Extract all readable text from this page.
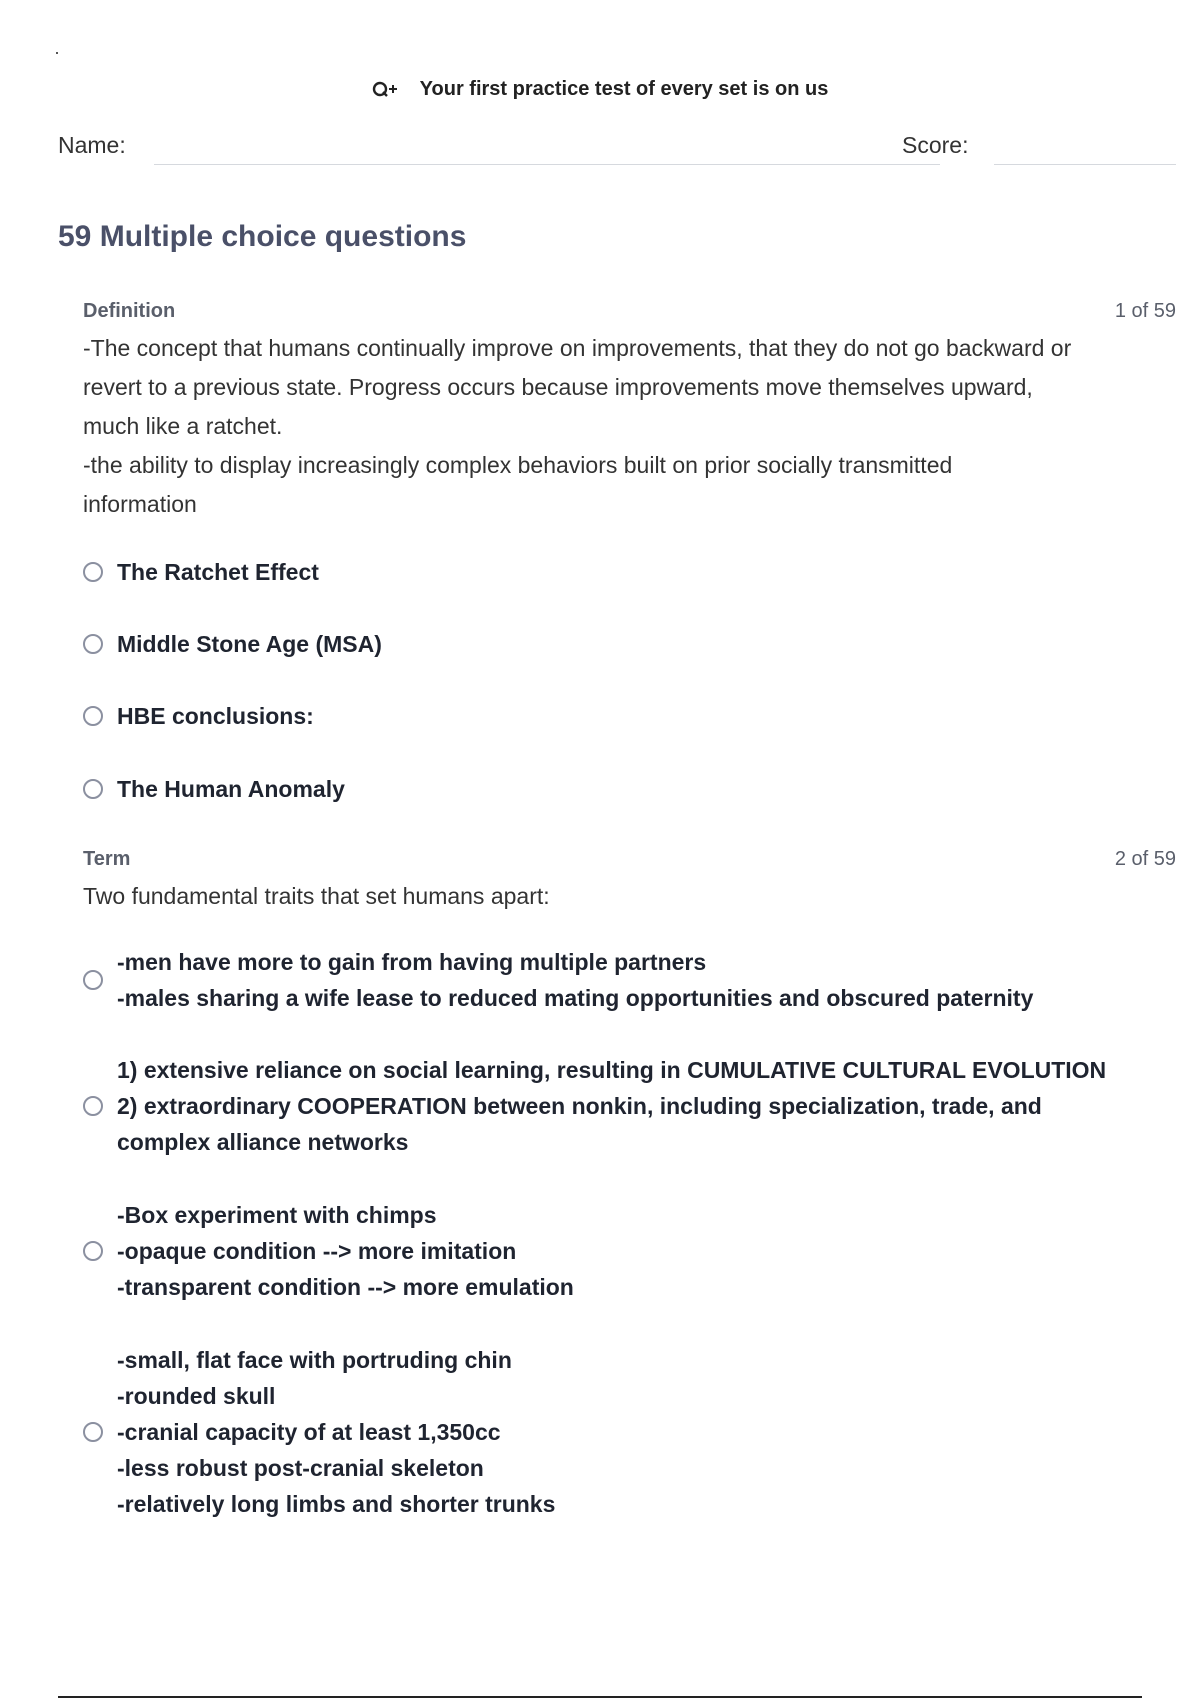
Your first practice test of every set is on us
Name:	Score:
59 Multiple choice questions
Definition	1 of 59
-The concept that humans continually improve on improvements, that they do not go backward or
revert to a previous state. Progress occurs because improvements move themselves upward,
much like a ratchet.
-the ability to display increasingly complex behaviors built on prior socially transmitted
information
The Ratchet Effect
Middle Stone Age (MSA)
HBE conclusions:
The Human Anomaly
Term	2 of 59
Two fundamental traits that set humans apart:
-men have more to gain from having multiple partners
-males sharing a wife lease to reduced mating opportunities and obscured paternity
1) extensive reliance on social learning, resulting in CUMULATIVE CULTURAL EVOLUTION
2) extraordinary COOPERATION between nonkin, including specialization, trade, and
complex alliance networks
-Box experiment with chimps
-opaque condition --> more imitation
-transparent condition --> more emulation
-small, flat face with portruding chin
-rounded skull
-cranial capacity of at least 1,350cc
-less robust post-cranial skeleton
-relatively long limbs and shorter trunks
